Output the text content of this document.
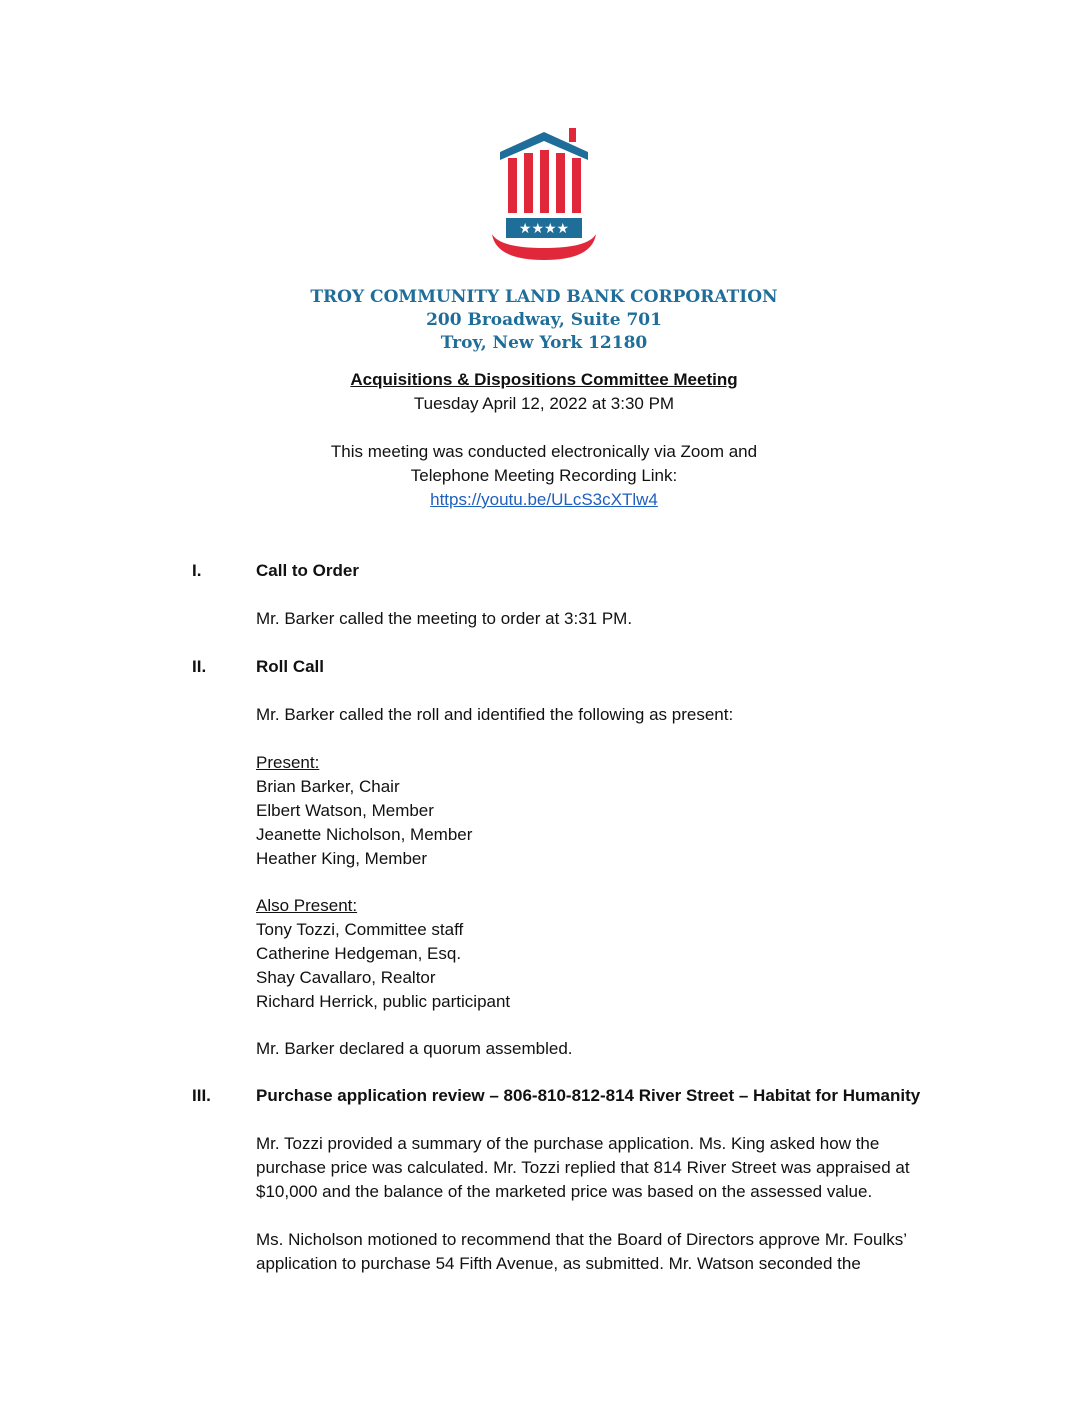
★★★★
TROY COMMUNITY LAND BANK CORPORATION
200 Broadway, Suite 701
Troy, New York 12180
Acquisitions & Dispositions Committee Meeting
Tuesday April 12, 2022 at 3:30 PM
This meeting was conducted electronically via Zoom and
Telephone Meeting Recording Link:
https://youtu.be/ULcS3cXTlw4
I.	Call to Order
Mr. Barker called the meeting to order at 3:31 PM.
II.	Roll Call
Mr. Barker called the roll and identified the following as present:
Present:
Brian Barker, Chair
Elbert Watson, Member
Jeanette Nicholson, Member
Heather King, Member
Also Present:
Tony Tozzi, Committee staff
Catherine Hedgeman, Esq.
Shay Cavallaro, Realtor
Richard Herrick, public participant
Mr. Barker declared a quorum assembled.
III.	Purchase application review – 806-810-812-814 River Street – Habitat for Humanity
Mr. Tozzi provided a summary of the purchase application. Ms. King asked how the
purchase price was calculated. Mr. Tozzi replied that 814 River Street was appraised at
$10,000 and the balance of the marketed price was based on the assessed value.
Ms. Nicholson motioned to recommend that the Board of Directors approve Mr. Foulks’
application to purchase 54 Fifth Avenue, as submitted. Mr. Watson seconded the
